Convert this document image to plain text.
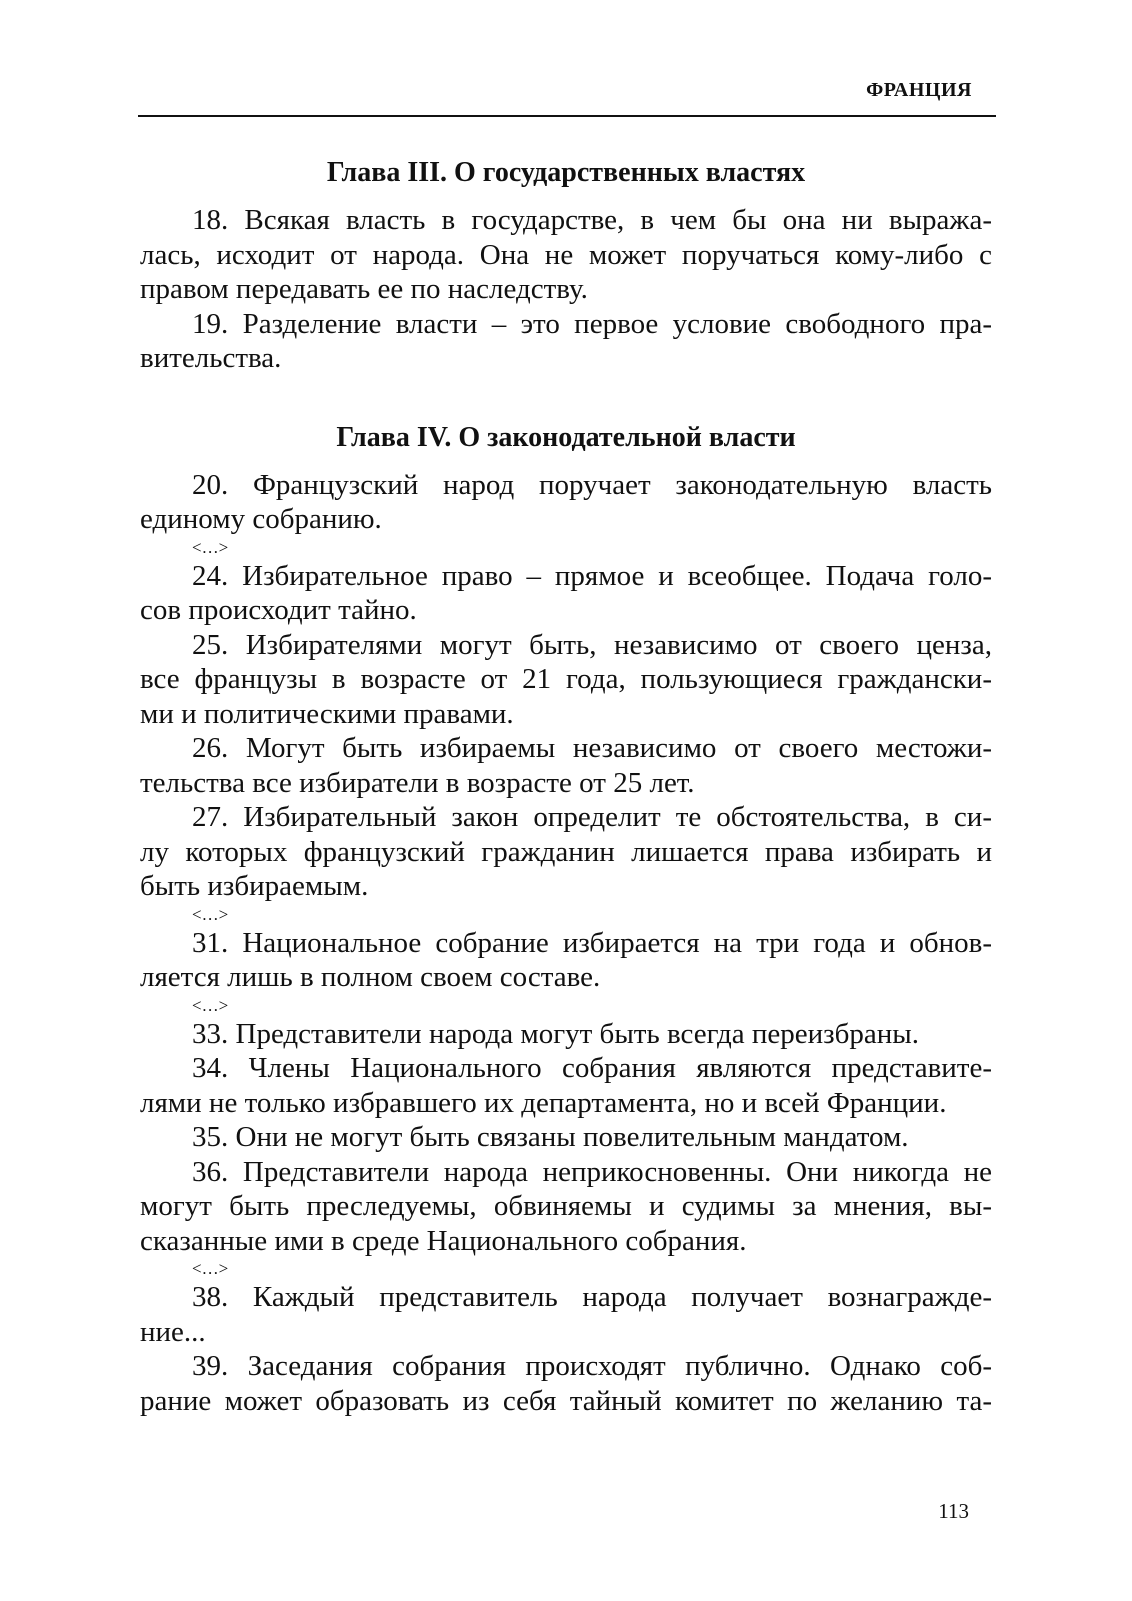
ФРАНЦИЯ
Глава III. О государственных властях
18. Всякая власть в государстве, в чем бы она ни выража-
лась, исходит от народа. Она не может поручаться кому-либо с
правом передавать ее по наследству.
19. Разделение власти – это первое условие свободного пра-
вительства.
Глава IV. О законодательной власти
20. Французский народ поручает законодательную власть
единому собранию.
<…>
24. Избирательное право – прямое и всеобщее. Подача голо-
сов происходит тайно.
25. Избирателями могут быть, независимо от своего ценза,
все французы в возрасте от 21 года, пользующиеся граждански-
ми и политическими правами.
26. Могут быть избираемы независимо от своего местожи-
тельства все избиратели в возрасте от 25 лет.
27. Избирательный закон определит те обстоятельства, в си-
лу которых французский гражданин лишается права избирать и
быть избираемым.
<…>
31. Национальное собрание избирается на три года и обнов-
ляется лишь в полном своем составе.
<…>
33. Представители народа могут быть всегда переизбраны.
34. Члены Национального собрания являются представите-
лями не только избравшего их департамента, но и всей Франции.
35. Они не могут быть связаны повелительным мандатом.
36. Представители народа неприкосновенны. Они никогда не
могут быть преследуемы, обвиняемы и судимы за мнения, вы-
сказанные ими в среде Национального собрания.
<…>
38. Каждый представитель народа получает вознагражде-
ние...
39. Заседания собрания происходят публично. Однако соб-
рание может образовать из себя тайный комитет по желанию та-
113
